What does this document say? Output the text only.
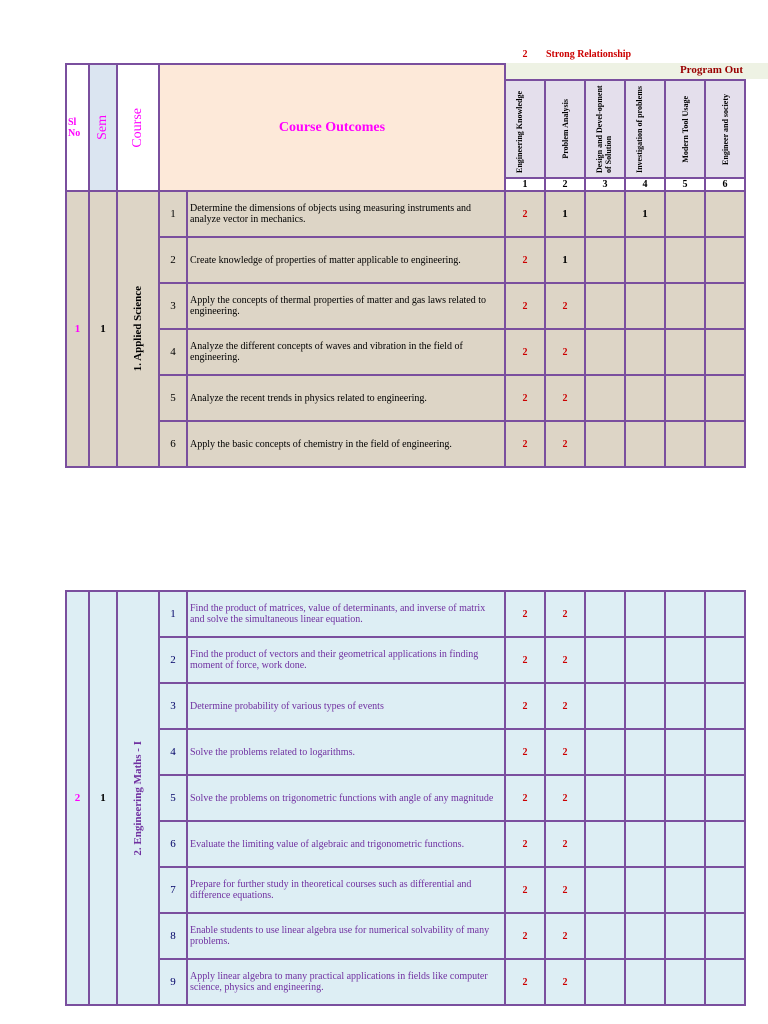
2	Strong Relationship
Program Out
Sl No	Sem	Course	Course Outcomes							

					Engineering Knowledge	Problem Analysis	Design and Devel-opment of Solution	Investigation of problems	Modern Tool Usage	Engineer and society

					1	2	3	4	5	6
1	1	1. Applied Science	1	Determine the dimensions of objects using measuring instruments and analyze vector in mechanics.	2	1		1		
			2	Create knowledge of properties of matter applicable to engineering.	2	1				
			3	Apply the concepts of thermal properties of matter and gas laws related to engineering.	2	2				
			4	Analyze the different concepts of waves and vibration in the field of engineering.	2	2				
			5	Analyze the recent trends in physics related to engineering.	2	2				
			6	Apply the basic concepts of chemistry in the field of engineering.	2	2				
2	1	2. Engineering Maths - I	1	Find the product of matrices, value of determinants, and inverse of matrix and solve the simultaneous linear equation.	2	2				
			2	Find the product of vectors and their geometrical applications in finding moment of force, work done.	2	2				
			3	Determine probability of various types of events	2	2				
			4	Solve the problems related to logarithms.	2	2				
			5	Solve the problems on trigonometric functions with angle of any magnitude	2	2				
			6	Evaluate the limiting value of algebraic and trigonometric functions.	2	2				
			7	Prepare for further study in theoretical courses such as differential and difference equations.	2	2				
			8	Enable students to use linear algebra use for numerical solvability of many problems.	2	2				
			9	Apply linear algebra to many practical applications in fields like computer science, physics and engineering.	2	2				
